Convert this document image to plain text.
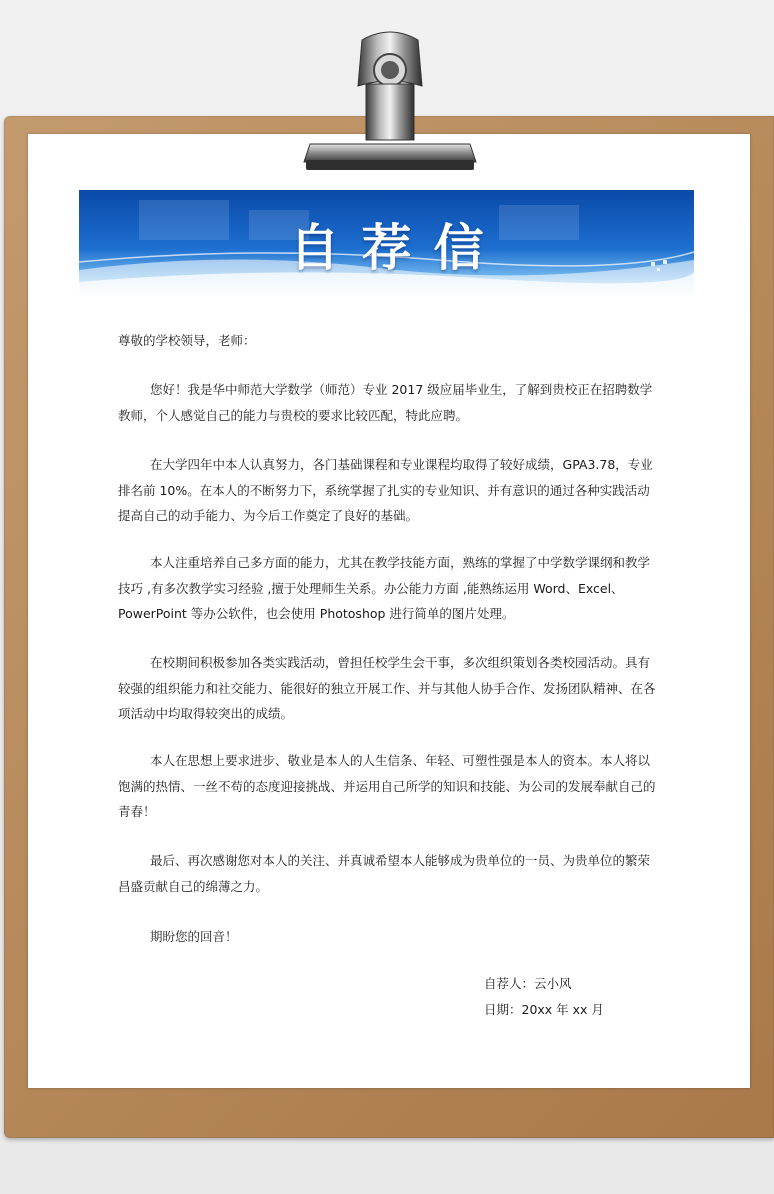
自荐信
尊敬的学校领导，老师：
您好！我是华中师范大学数学（师范）专业 2017 级应届毕业生，了解到贵校正在招聘数学教师，个人感觉自己的能力与贵校的要求比较匹配，特此应聘。
在大学四年中本人认真努力，各门基础课程和专业课程均取得了较好成绩，GPA3.78，专业排名前 10%。在本人的不断努力下，系统掌握了扎实的专业知识、并有意识的通过各种实践活动提高自己的动手能力、为今后工作奠定了良好的基础。
本人注重培养自己多方面的能力，尤其在教学技能方面，熟练的掌握了中学数学课纲和教学技巧 ,有多次教学实习经验 ,擅于处理师生关系。办公能力方面 ,能熟练运用 Word、Excel、PowerPoint 等办公软件，也会使用 Photoshop 进行简单的图片处理。
在校期间积极参加各类实践活动，曾担任校学生会干事，多次组织策划各类校园活动。具有较强的组织能力和社交能力、能很好的独立开展工作、并与其他人协手合作、发扬团队精神、在各项活动中均取得较突出的成绩。
本人在思想上要求进步、敬业是本人的人生信条、年轻、可塑性强是本人的资本。本人将以饱满的热情、一丝不苟的态度迎接挑战、并运用自己所学的知识和技能、为公司的发展奉献自己的青春！
最后、再次感谢您对本人的关注、并真诚希望本人能够成为贵单位的一员、为贵单位的繁荣昌盛贡献自己的绵薄之力。
期盼您的回音！
自荐人：云小风
日期：20xx 年 xx 月
